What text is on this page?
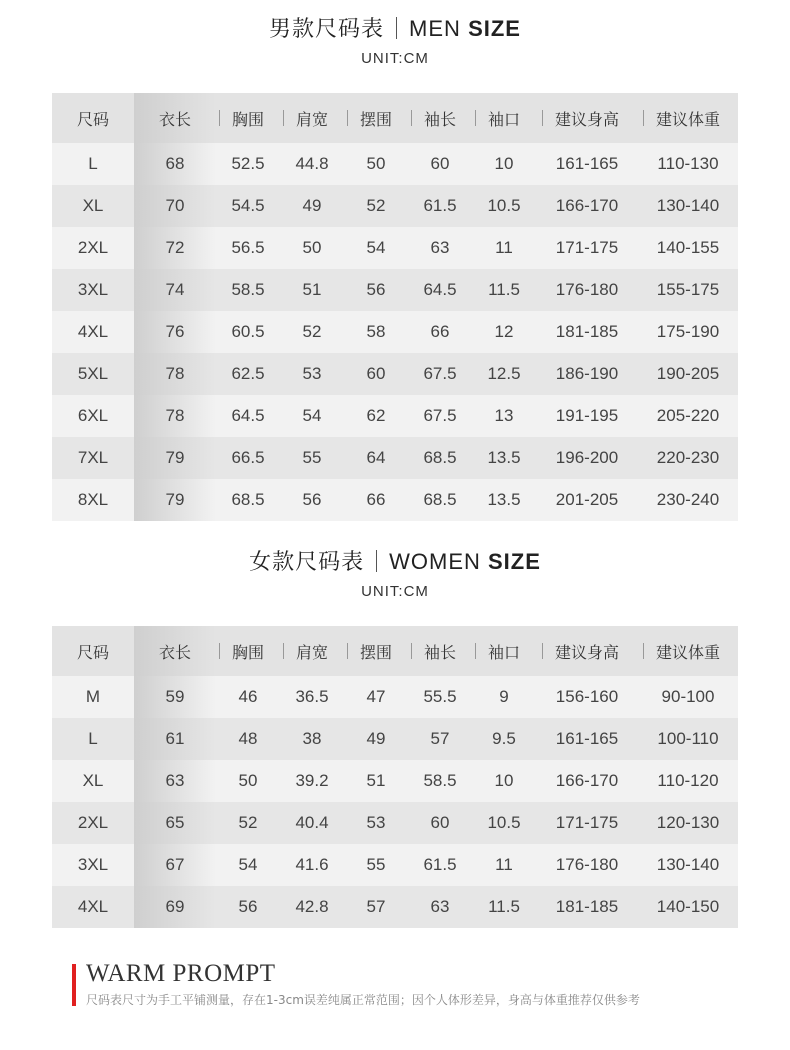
男款尺码表 MEN SIZE
UNIT:CM
尺码	衣长	胸围	肩宽	摆围	袖长	袖口	建议身高	建议体重
L	68	52.5	44.8	50	60	10	161-165	110-130
XL	70	54.5	49	52	61.5	10.5	166-170	130-140
2XL	72	56.5	50	54	63	11	171-175	140-155
3XL	74	58.5	51	56	64.5	11.5	176-180	155-175
4XL	76	60.5	52	58	66	12	181-185	175-190
5XL	78	62.5	53	60	67.5	12.5	186-190	190-205
6XL	78	64.5	54	62	67.5	13	191-195	205-220
7XL	79	66.5	55	64	68.5	13.5	196-200	220-230
8XL	79	68.5	56	66	68.5	13.5	201-205	230-240
女款尺码表 WOMEN SIZE
UNIT:CM
尺码	衣长	胸围	肩宽	摆围	袖长	袖口	建议身高	建议体重
M	59	46	36.5	47	55.5	9	156-160	90-100
L	61	48	38	49	57	9.5	161-165	100-110
XL	63	50	39.2	51	58.5	10	166-170	110-120
2XL	65	52	40.4	53	60	10.5	171-175	120-130
3XL	67	54	41.6	55	61.5	11	176-180	130-140
4XL	69	56	42.8	57	63	11.5	181-185	140-150
WARM PROMPT
尺码表尺寸为手工平铺测量，存在1-3cm误差纯属正常范围；因个人体形差异，身高与体重推荐仅供参考
